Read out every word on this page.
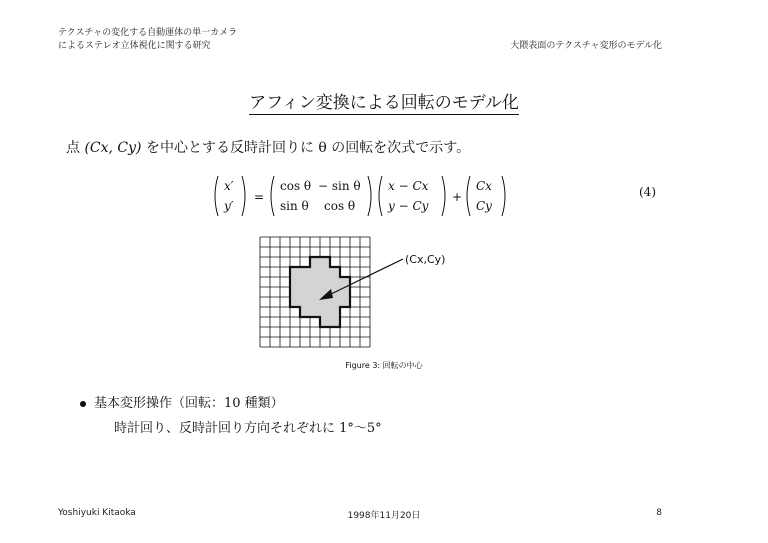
テクスチャの変化する自動運体の単一カメラ
によるステレオ立体視化に関する研究	大隈表面のテクスチャ変形のモデル化
アフィン変換による回転のモデル化
点 (Cx, Cy) を中心とする反時計回りに θ の回転を次式で示す。
x′
y′
=
cos θ − sin θ
sin θ cos θ
x − Cx
y − Cy
+
Cx
Cy
(4)
(Cx,Cy)
Figure 3: 回転の中心
基本変形操作（回転：10 種類）
時計回り、反時計回り方向それぞれに 1°〜5°
Yoshiyuki Kitaoka	1998年11月20日	8
